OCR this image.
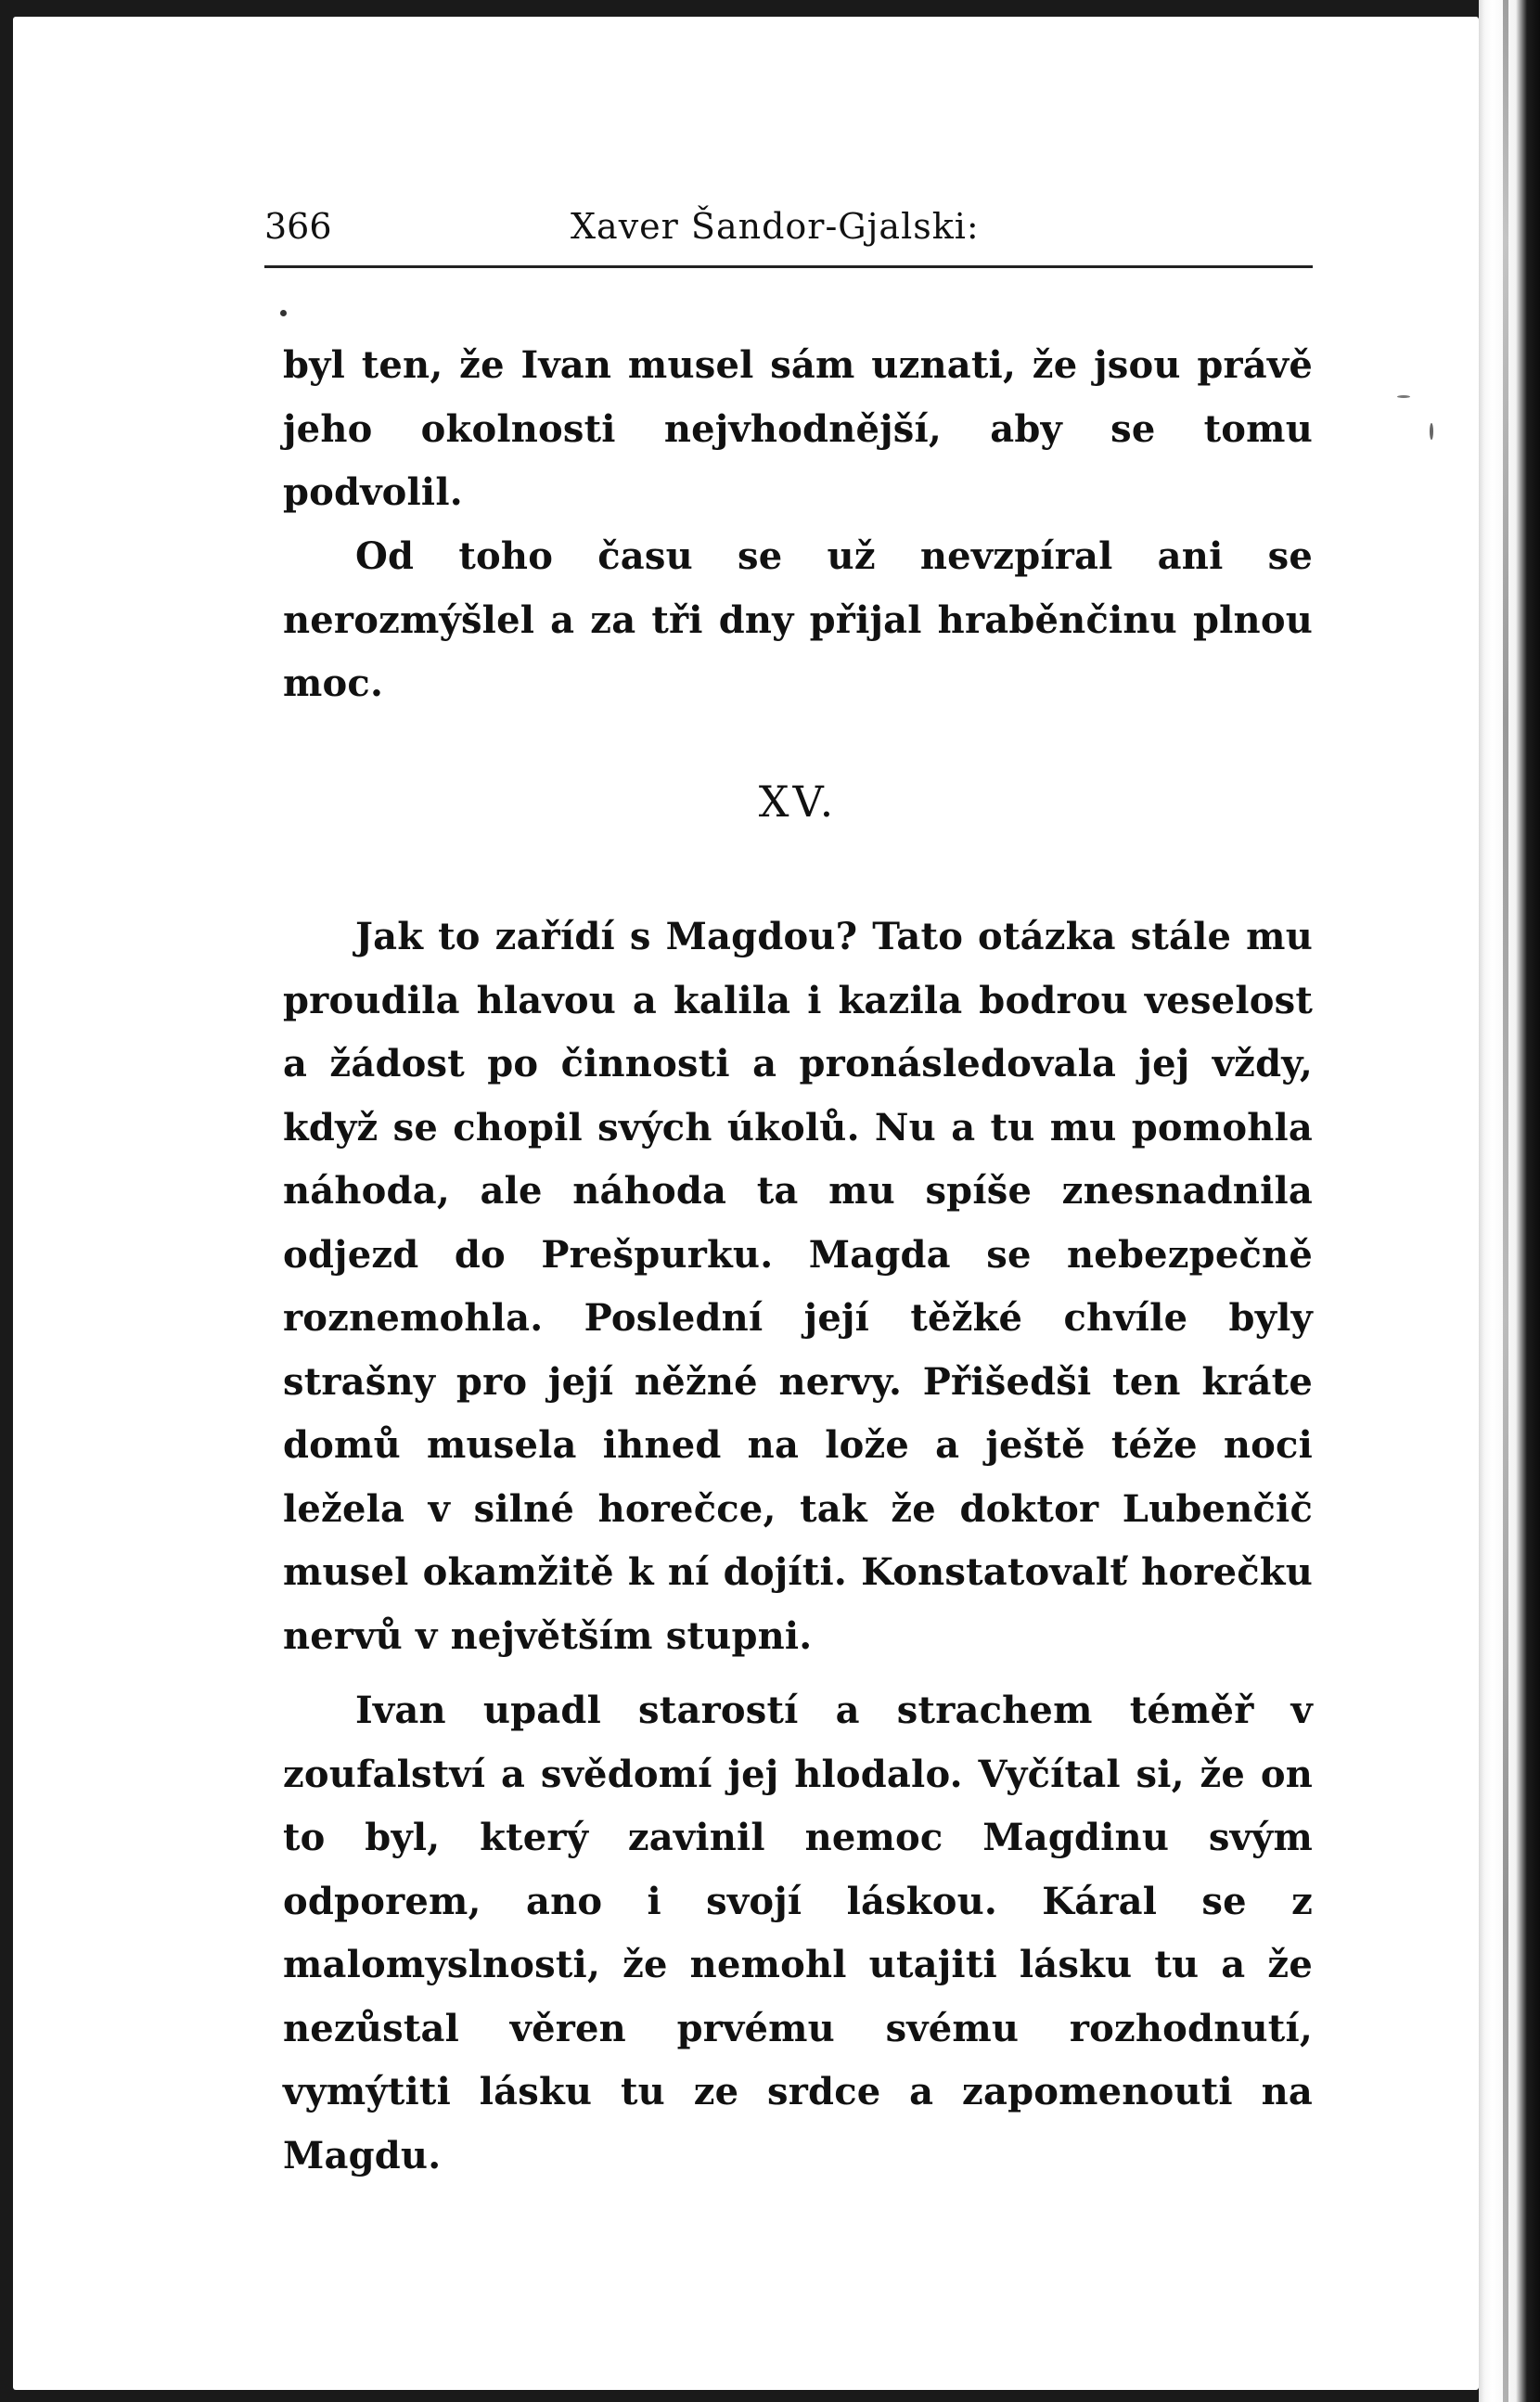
366	Xaver Šandor-Gjalski:

byl ten, že Ivan musel sám uznati, že jsou právě jeho okolnosti nejvhodnější, aby se tomu podvolil.

Od toho času se už nevzpíral ani se nerozmýšlel a za tři dny přijal hraběnčinu plnou moc.

XV.

Jak to zařídí s Magdou? Tato otázka stále mu proudila hlavou a kalila i kazila bodrou veselost a žádost po činnosti a pronásledovala jej vždy, když se chopil svých úkolů. Nu a tu mu pomohla náhoda, ale náhoda ta mu spíše znesnadnila odjezd do Prešpurku. Magda se nebezpečně roznemohla. Poslední její těžké chvíle byly strašny pro její něžné nervy. Přišedši ten kráte domů musela ihned na lože a ještě téže noci ležela v silné horečce, tak že doktor Lubenčič musel okamžitě k ní dojíti. Konstatovalť horečku nervů v největším stupni.

Ivan upadl starostí a strachem téměř v zoufalství a svědomí jej hlodalo. Vyčítal si, že on to byl, který zavinil nemoc Magdinu svým odporem, ano i svojí láskou. Káral se z malomyslnosti, že nemohl utajiti lásku tu a že nezůstal věren prvému svému rozhodnutí, vymýtiti lásku tu ze srdce a zapomenouti na Magdu.
